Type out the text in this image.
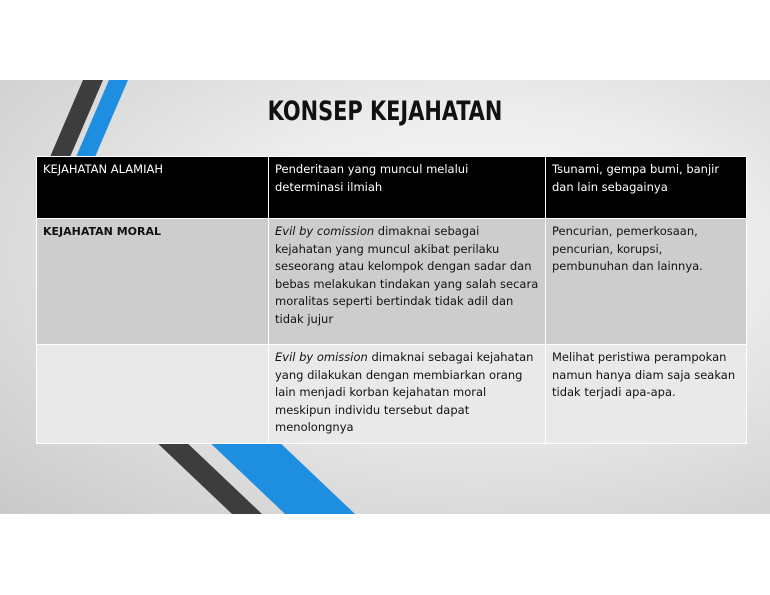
KONSEP KEJAHATAN
KEJAHATAN ALAMIAH	Penderitaan yang muncul melalui determinasi ilmiah	Tsunami, gempa bumi, banjir dan lain sebagainya
KEJAHATAN MORAL	Evil by comission dimaknai sebagai kejahatan yang muncul akibat perilaku seseorang atau kelompok dengan sadar dan bebas melakukan tindakan yang salah secara moralitas seperti bertindak tidak adil dan tidak jujur	Pencurian, pemerkosaan, pencurian, korupsi, pembunuhan dan lainnya.
	Evil by omission dimaknai sebagai kejahatan yang dilakukan dengan membiarkan orang lain menjadi korban kejahatan moral meskipun individu tersebut dapat menolongnya	Melihat peristiwa perampokan namun hanya diam saja seakan tidak terjadi apa-apa.
